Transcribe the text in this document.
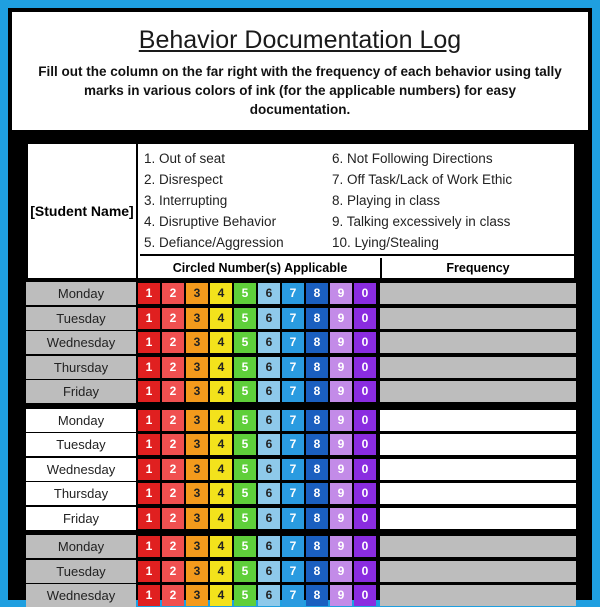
Behavior Documentation Log
Fill out the column on the far right with the frequency of each behavior using tally marks in various colors of ink (for the applicable numbers) for easy documentation.
[Student Name]
1. Out of seat
2. Disrespect
3. Interrupting
4. Disruptive Behavior
5. Defiance/Aggression
6. Not Following Directions
7. Off Task/Lack of Work Ethic
8. Playing in class
9. Talking excessively in class
10. Lying/Stealing
Circled Number(s) Applicable	Frequency
Monday	1	2	3	4	5	6	7	8	9	0
Tuesday	1	2	3	4	5	6	7	8	9	0
Wednesday	1	2	3	4	5	6	7	8	9	0
Thursday	1	2	3	4	5	6	7	8	9	0
Friday	1	2	3	4	5	6	7	8	9	0
Monday	1	2	3	4	5	6	7	8	9	0
Tuesday	1	2	3	4	5	6	7	8	9	0
Wednesday	1	2	3	4	5	6	7	8	9	0
Thursday	1	2	3	4	5	6	7	8	9	0
Friday	1	2	3	4	5	6	7	8	9	0
Monday	1	2	3	4	5	6	7	8	9	0
Tuesday	1	2	3	4	5	6	7	8	9	0
Wednesday	1	2	3	4	5	6	7	8	9	0
